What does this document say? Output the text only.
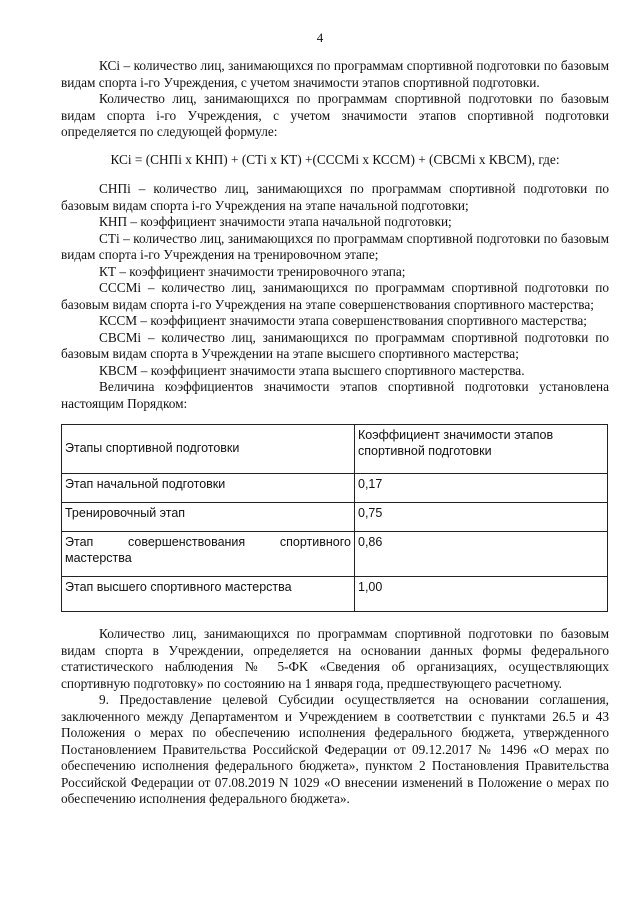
4

КСi – количество лиц, занимающихся по программам спортивной подготовки по базовым видам спорта i-го Учреждения, с учетом значимости этапов спортивной подготовки.

Количество лиц, занимающихся по программам спортивной подготовки по базовым видам спорта i-го Учреждения, с учетом значимости этапов спортивной подготовки определяется по следующей формуле:

КСi = (СНПi х КНП) + (СТi х КТ) +(СССМi х КССМ) + (СВСМi х КВСМ), где:

СНПi – количество лиц, занимающихся по программам спортивной подготовки по базовым видам спорта i-го Учреждения на этапе начальной подготовки;

КНП – коэффициент значимости этапа начальной подготовки;

СТi – количество лиц, занимающихся по программам спортивной подготовки по базовым видам спорта i-го Учреждения на тренировочном этапе;

КТ – коэффициент значимости тренировочного этапа;

СССМi – количество лиц, занимающихся по программам спортивной подготовки по базовым видам спорта i-го Учреждения на этапе совершенствования спортивного мастерства;

КССМ – коэффициент значимости этапа совершенствования спортивного мастерства;

СВСМi – количество лиц, занимающихся по программам спортивной подготовки по базовым видам спорта в Учреждении на этапе высшего спортивного мастерства;

КВСМ – коэффициент значимости этапа высшего спортивного мастерства.

Величина коэффициентов значимости этапов спортивной подготовки установлена настоящим Порядком:

Этапы спортивной подготовки	Коэффициент значимости этапов спортивной подготовки
Этап начальной подготовки	0,17
Тренировочный этап	0,75
Этап совершенствования спортивного мастерства	0,86
Этап высшего спортивного мастерства	1,00

Количество лиц, занимающихся по программам спортивной подготовки по базовым видам спорта в Учреждении, определяется на основании данных формы федерального статистического наблюдения № 5-ФК «Сведения об организациях, осуществляющих спортивную подготовку» по состоянию на 1 января года, предшествующего расчетному.

9. Предоставление целевой Субсидии осуществляется на основании соглашения, заключенного между Департаментом и Учреждением в соответствии с пунктами 26.5 и 43 Положения о мерах по обеспечению исполнения федерального бюджета, утвержденного Постановлением Правительства Российской Федерации от 09.12.2017 № 1496 «О мерах по обеспечению исполнения федерального бюджета», пунктом 2 Постановления Правительства Российской Федерации от 07.08.2019 N 1029 «О внесении изменений в Положение о мерах по обеспечению исполнения федерального бюджета».
